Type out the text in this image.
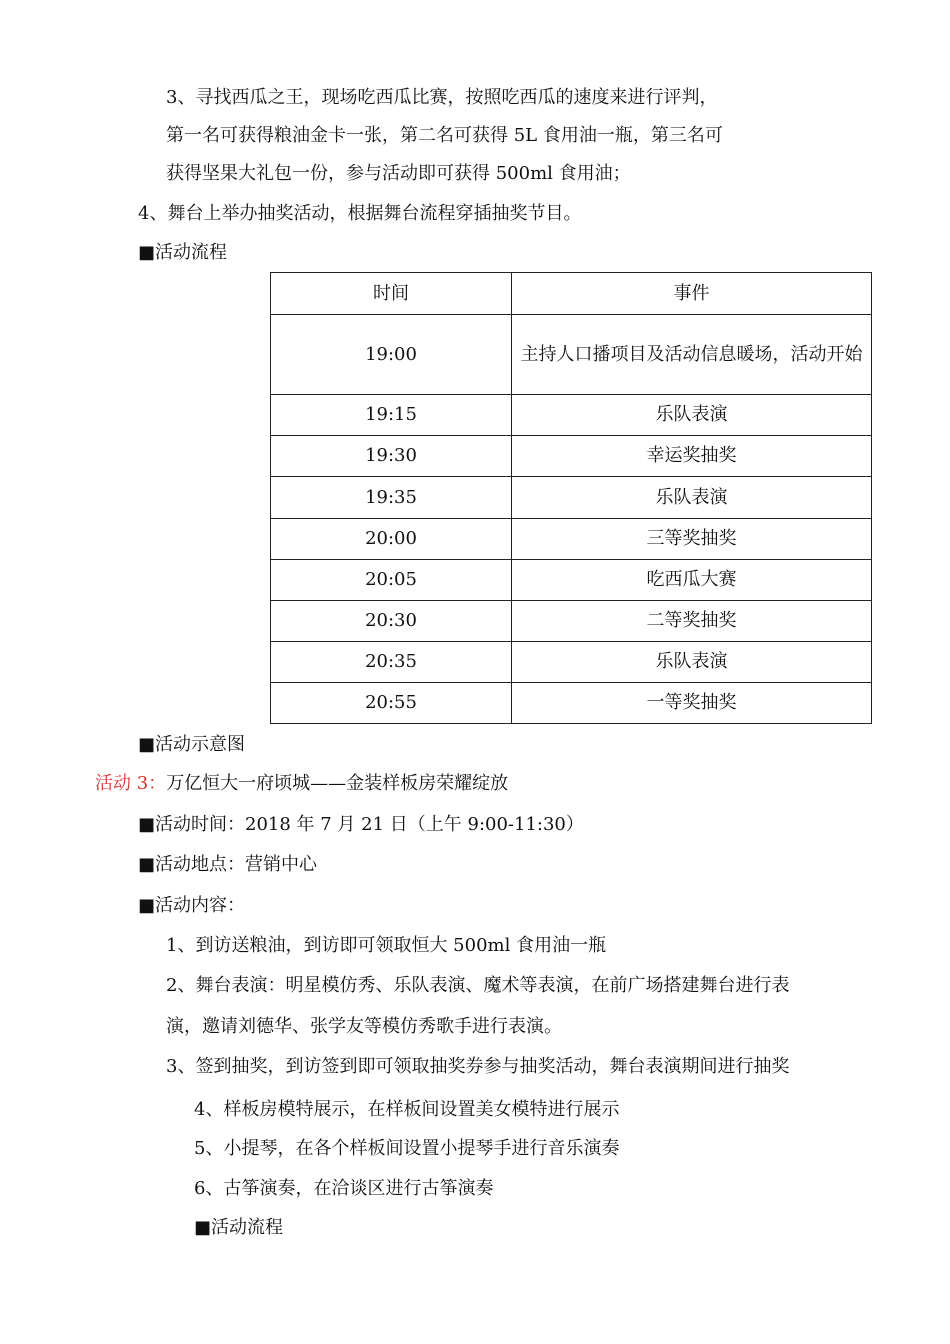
3、寻找西瓜之王，现场吃西瓜比赛，按照吃西瓜的速度来进行评判，
第一名可获得粮油金卡一张，第二名可获得 5L 食用油一瓶，第三名可
获得坚果大礼包一份，参与活动即可获得 500ml 食用油；
4、舞台上举办抽奖活动，根据舞台流程穿插抽奖节目。
■活动流程
时间	事件
19:00	主持人口播项目及活动信息暖场，活动开始
19:15	乐队表演
19:30	幸运奖抽奖
19:35	乐队表演
20:00	三等奖抽奖
20:05	吃西瓜大赛
20:30	二等奖抽奖
20:35	乐队表演
20:55	一等奖抽奖
■活动示意图
活动 3：万亿恒大一府顷城——金装样板房荣耀绽放
■活动时间：2018 年 7 月 21 日（上午 9:00-11:30）
■活动地点：营销中心
■活动内容：
1、到访送粮油，到访即可领取恒大 500ml 食用油一瓶
2、舞台表演：明星模仿秀、乐队表演、魔术等表演，在前广场搭建舞台进行表
演，邀请刘德华、张学友等模仿秀歌手进行表演。
3、签到抽奖，到访签到即可领取抽奖券参与抽奖活动，舞台表演期间进行抽奖
4、样板房模特展示，在样板间设置美女模特进行展示
5、小提琴，在各个样板间设置小提琴手进行音乐演奏
6、古筝演奏，在洽谈区进行古筝演奏
■活动流程
